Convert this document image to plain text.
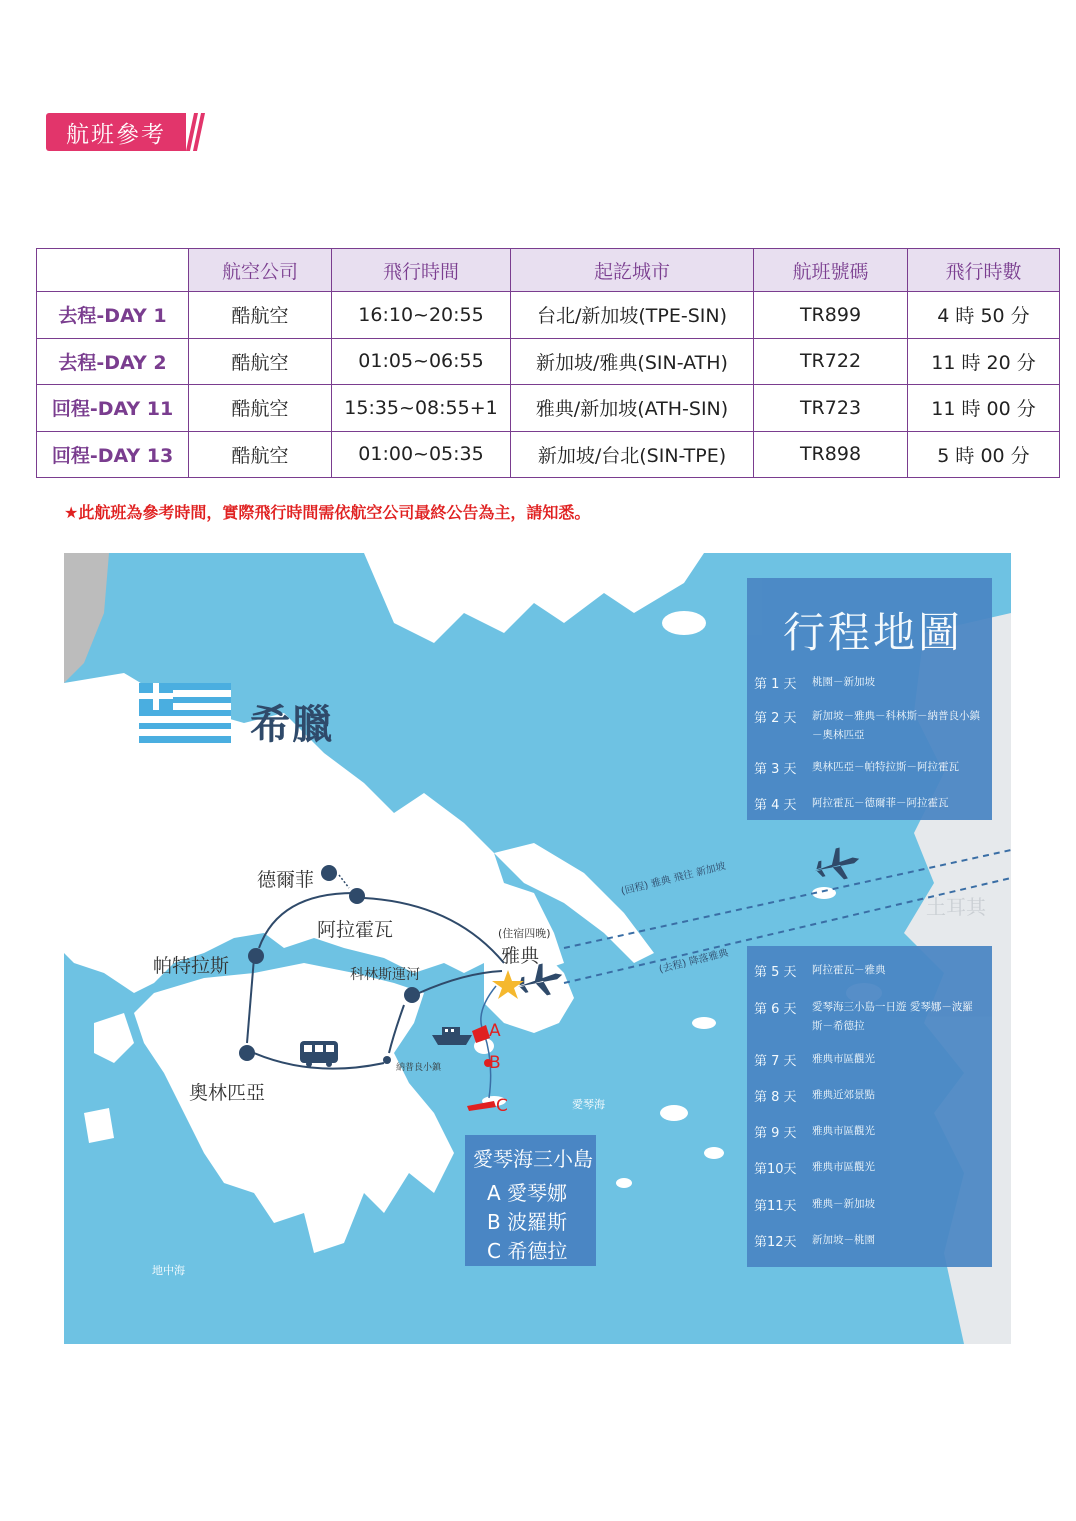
航班參考
	航空公司	飛行時間	起訖城市	航班號碼	飛行時數
去程-DAY 1	酷航空	16:10~20:55	台北/新加坡(TPE-SIN)	TR899	4 時 50 分
去程-DAY 2	酷航空	01:05~06:55	新加坡/雅典(SIN-ATH)	TR722	11 時 20 分
回程-DAY 11	酷航空	15:35~08:55+1	雅典/新加坡(ATH-SIN)	TR723	11 時 00 分
回程-DAY 13	酷航空	01:00~05:35	新加坡/台北(SIN-TPE)	TR898	5 時 00 分
★此航班為參考時間，實際飛行時間需依航空公司最終公告為主，請知悉。
希臘
德爾菲
阿拉霍瓦
帕特拉斯
奧林匹亞
科林斯運河
(住宿四晚)
雅典
納普良小鎮
A
B
C	愛琴海
地中海
土耳其
(回程) 雅典 飛往 新加坡
(去程) 降落雅典
行程地圖
第 1 天	桃園－新加坡
第 2 天	新加坡－雅典－科林斯－納普良小鎮－奧林匹亞
第 3 天	奧林匹亞－帕特拉斯－阿拉霍瓦
第 4 天	阿拉霍瓦－德爾菲－阿拉霍瓦
第 5 天	阿拉霍瓦－雅典
第 6 天	愛琴海三小島一日遊 愛琴娜－波羅斯－希德拉
第 7 天	雅典市區觀光
第 8 天	雅典近郊景點
第 9 天	雅典市區觀光
第10天	雅典市區觀光
第11天	雅典－新加坡
第12天	新加坡－桃園
愛琴海三小島
A 愛琴娜
B 波羅斯
C 希德拉
